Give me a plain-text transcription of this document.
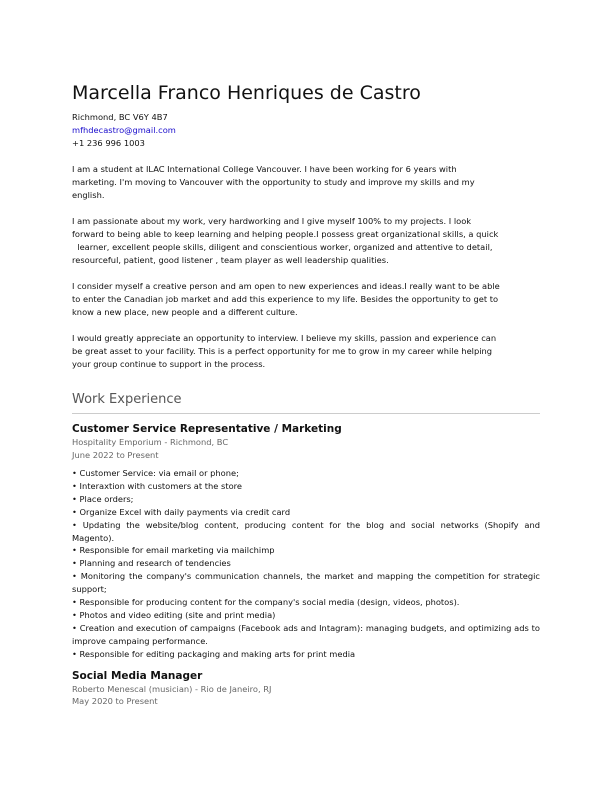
Marcella Franco Henriques de Castro
Richmond, BC V6Y 4B7
mfhdecastro@gmail.com
+1 236 996 1003
I am a student at ILAC International College Vancouver. I have been working for 6 years with
marketing. I'm moving to Vancouver with the opportunity to study and improve my skills and my
english.
I am passionate about my work, very hardworking and I give myself 100% to my projects. I look
forward to being able to keep learning and helping people.I possess great organizational skills, a quick
learner, excellent people skills, diligent and conscientious worker, organized and attentive to detail,
resourceful, patient, good listener , team player as well leadership qualities.
I consider myself a creative person and am open to new experiences and ideas.I really want to be able
to enter the Canadian job market and add this experience to my life. Besides the opportunity to get to
know a new place, new people and a different culture.
I would greatly appreciate an opportunity to interview. I believe my skills, passion and experience can
be great asset to your facility. This is a perfect opportunity for me to grow in my career while helping
your group continue to support in the process.
Work Experience
Customer Service Representative / Marketing
Hospitality Emporium - Richmond, BC
June 2022 to Present
• Customer Service: via email or phone;
• Interaxtion with customers at the store
• Place orders;
• Organize Excel with daily payments via credit card
• Updating the website/blog content, producing content for the blog and social networks (Shopify and Magento).
• Responsible for email marketing via mailchimp
• Planning and research of tendencies
• Monitoring the company's communication channels, the market and mapping the competition for strategic support;
• Responsible for producing content for the company's social media (design, videos, photos).
• Photos and video editing (site and print media)
• Creation and execution of campaigns (Facebook ads and Intagram): managing budgets, and optimizing ads to improve campaing performance.
• Responsible for editing packaging and making arts for print media
Social Media Manager
Roberto Menescal (musician) - Rio de Janeiro, RJ
May 2020 to Present
